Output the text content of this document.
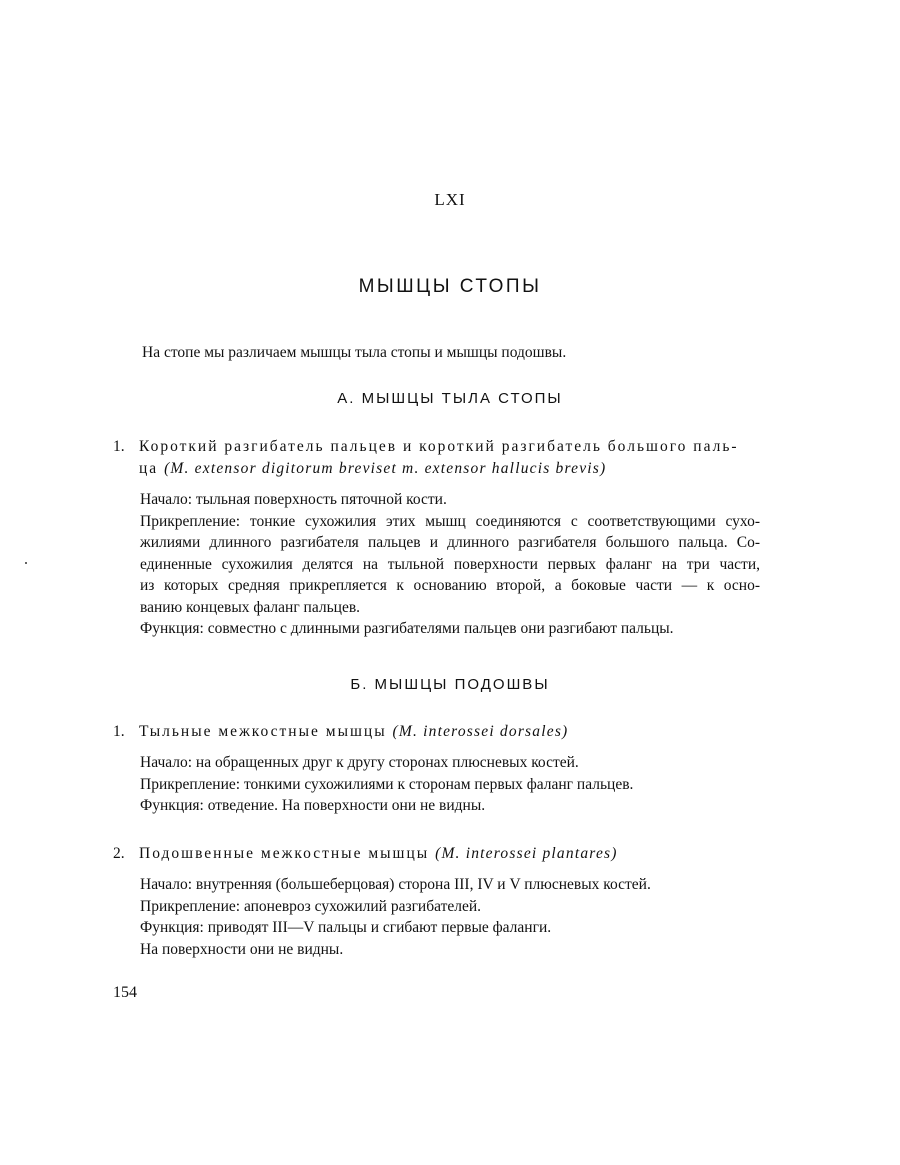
LXI
МЫШЦЫ СТОПЫ
На стопе мы различаем мышцы тыла стопы и мышцы подошвы.
А. МЫШЦЫ ТЫЛА СТОПЫ
1. Короткий разгибатель пальцев и короткий разгибатель большого паль-
ца (M. extensor digitorum breviset m. extensor hallucis brevis)

Начало: тыльная поверхность пяточной кости.

Прикрепление: тонкие сухожилия этих мышц соединяются с соответствующими сухо-

жилиями длинного разгибателя пальцев и длинного разгибателя большого пальца. Со-

единенные сухожилия делятся на тыльной поверхности первых фаланг на три части,

из которых средняя прикрепляется к основанию второй, а боковые части — к осно-

ванию концевых фаланг пальцев.

Функция: совместно с длинными разгибателями пальцев они разгибают пальцы.

Б. МЫШЦЫ ПОДОШВЫ
1. Тыльные межкостные мышцы (M. interossei dorsales)

Начало: на обращенных друг к другу сторонах плюсневых костей.

Прикрепление: тонкими сухожилиями к сторонам первых фаланг пальцев.

Функция: отведение. На поверхности они не видны.

2. Подошвенные межкостные мышцы (M. interossei plantares)

Начало: внутренняя (большеберцовая) сторона III, IV и V плюсневых костей.

Прикрепление: апоневроз сухожилий разгибателей.

Функция: приводят III—V пальцы и сгибают первые фаланги.

На поверхности они не видны.

154
